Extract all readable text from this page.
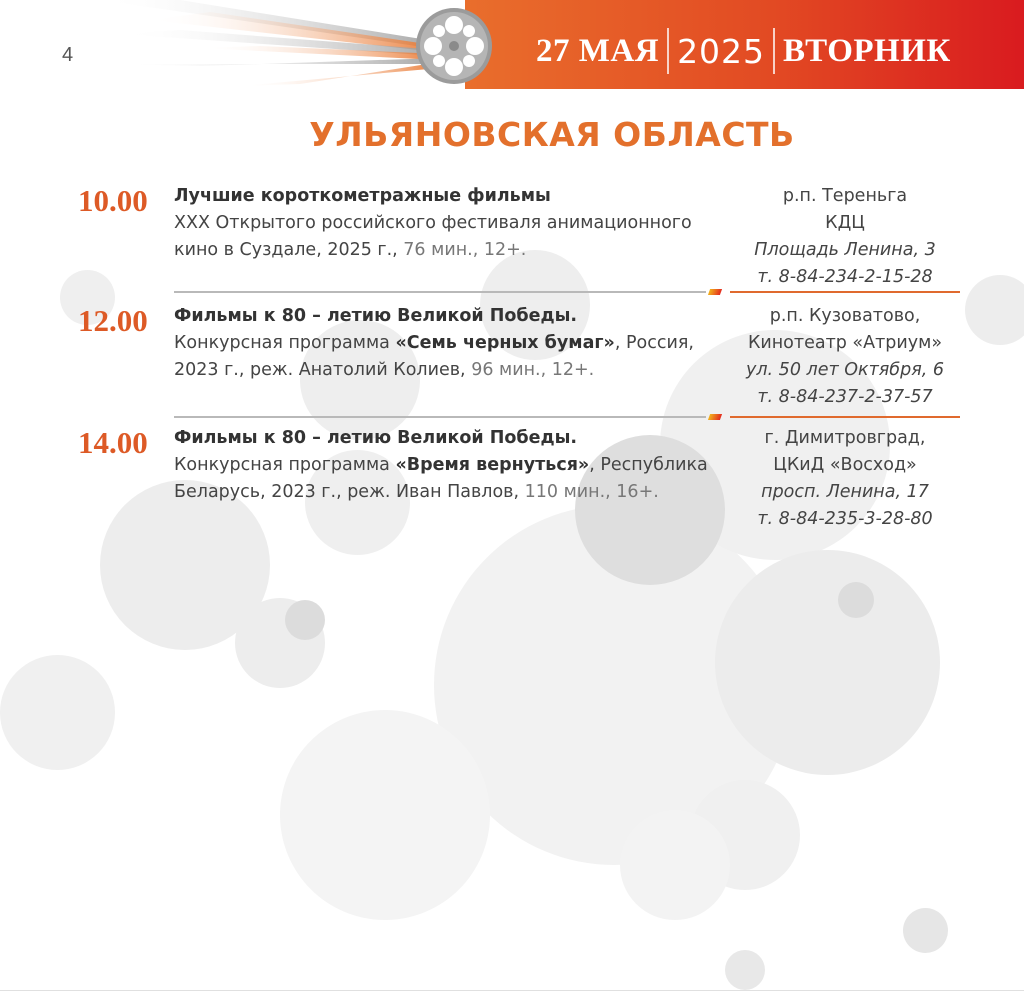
4	27 МАЯ 2025 ВТОРНИК
УЛЬЯНОВСКАЯ ОБЛАСТЬ
10.00 Лучшие короткометражные фильмы
XXX Открытого российского фестиваля анимационного кино в Суздале, 2025 г., 76 мин., 12+.
р.п. Тереньга
КДЦ
Площадь Ленина, 3
т. 8-84-234-2-15-28
12.00 Фильмы к 80 – летию Великой Победы.
Конкурсная программа «Семь черных бумаг», Россия, 2023 г., реж. Анатолий Колиев, 96 мин., 12+.
р.п. Кузоватово,
Кинотеатр «Атриум»
ул. 50 лет Октября, 6
т. 8-84-237-2-37-57
14.00 Фильмы к 80 – летию Великой Победы.
Конкурсная программа «Время вернуться», Республика Беларусь, 2023 г., реж. Иван Павлов, 110 мин., 16+.
г. Димитровград,
ЦКиД «Восход»
просп. Ленина, 17
т. 8-84-235-3-28-80
